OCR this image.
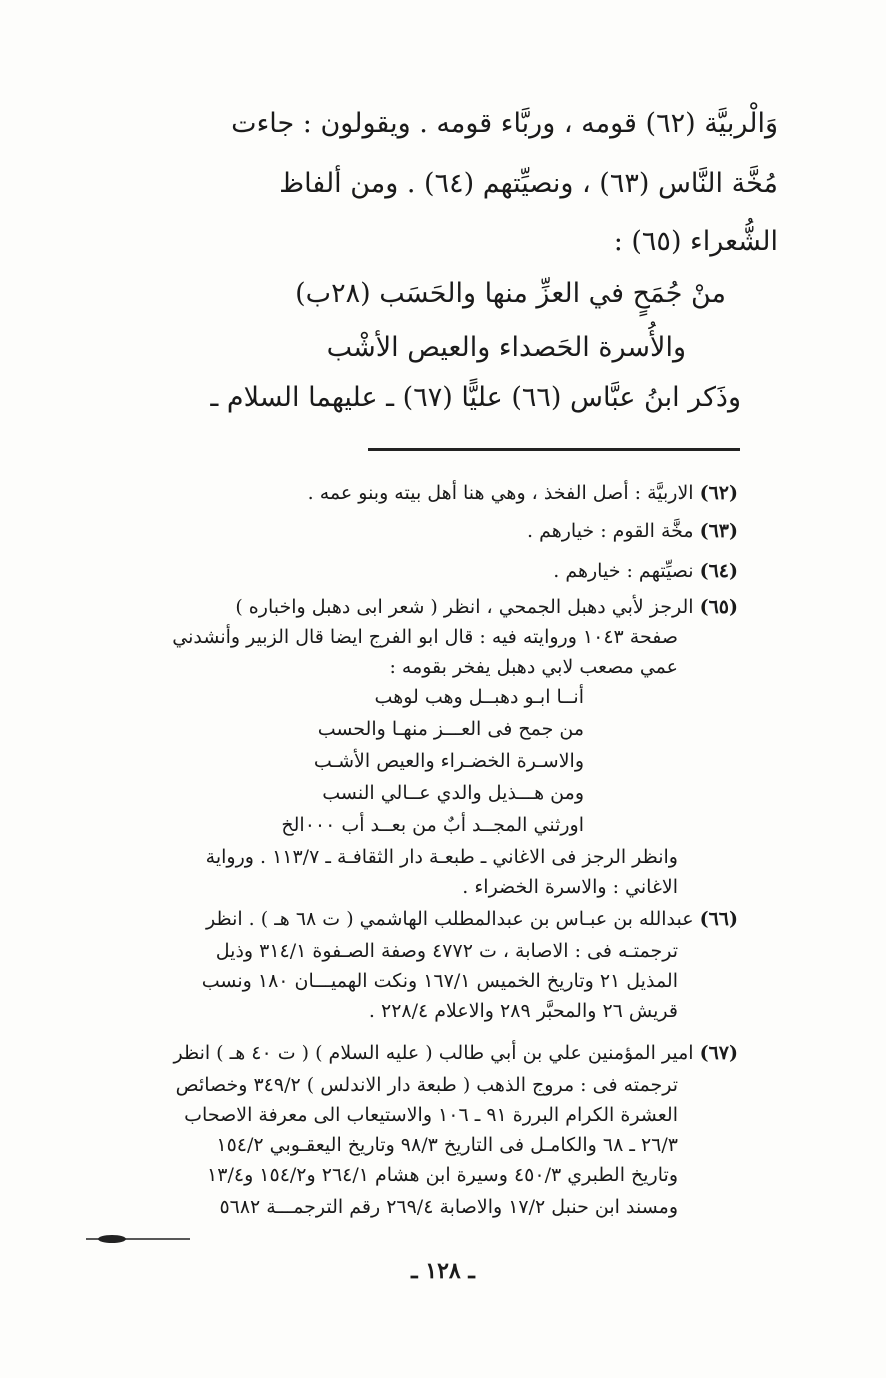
وَالْربيَّة (٦٢) قومه ، وربَّاء قومه . ويقولون : جاءت
مُخَّة النَّاس (٦٣) ، ونصيِّتهم (٦٤) . ومن ألفاظ
الشُّعراء (٦٥) :
منْ جُمَحٍ في العزِّ منها والحَسَب (٢٨ب)
والأُسرة الحَصداء والعيص الأشْب
وذَكر ابنُ عبَّاس (٦٦) عليًّا (٦٧) ـ عليهما السلام ـ
(٦٢)الاربيَّة : أصل الفخذ ، وهي هنا أهل بيته وبنو عمه .
(٦٣)مخَّة القوم : خيارهم .
(٦٤)نصيِّتهم : خيارهم .
(٦٥)الرجز لأبي دهبل الجمحي ، انظر ( شعر ابى دهبل واخباره )
صفحة ١٠٤٣ وروايته فيه : قال ابو الفرج ايضا قال الزبير وأنشدني
عمي مصعب لابي دهبل يفخر بقومه :
أنــا ابـو دهبــل وهب لوهب
من جمح فى العـــز منهـا والحسب
والاسـرة الخضـراء والعيص الأشـب
ومن هـــذيل والدي عــالي النسب
اورثني المجــد أبٌ من بعــد أب ٠٠٠الخ
وانظر الرجز فى الاغاني ـ طبعـة دار الثقافـة ـ ١١٣/٧ . ورواية
الاغاني : والاسرة الخضراء .
(٦٦)عبدالله بن عبـاس بن عبدالمطلب الهاشمي ( ت ٦٨ هـ ) . انظر
ترجمتـه فى : الاصابة ، ت ٤٧٧٢ وصفة الصـفوة ٣١٤/١ وذيل
المذيل ٢١ وتاريخ الخميس ١٦٧/١ ونكت الهميـــان ١٨٠ ونسب
قريش ٢٦ والمحبَّر ٢٨٩ والاعلام ٢٢٨/٤ .
(٦٧)امير المؤمنين علي بن أبي طالب ( عليه السلام ) ( ت ٤٠ هـ ) انظر
ترجمته فى : مروج الذهب ( طبعة دار الاندلس ) ٣٤٩/٢ وخصائص
العشرة الكرام البررة ٩١ ـ ١٠٦ والاستيعاب الى معرفة الاصحاب
٢٦/٣ ـ ٦٨ والكامـل فى التاريخ ٩٨/٣ وتاريخ اليعقـوبي ١٥٤/٢
وتاريخ الطبري ٤٥٠/٣ وسيرة ابن هشام ٢٦٤/١ و١٥٤/٢ و١٣/٤
ومسند ابن حنبل ١٧/٢ والاصابة ٢٦٩/٤ رقم الترجمـــة ٥٦٨٢
ـ ١٢٨ ـ
